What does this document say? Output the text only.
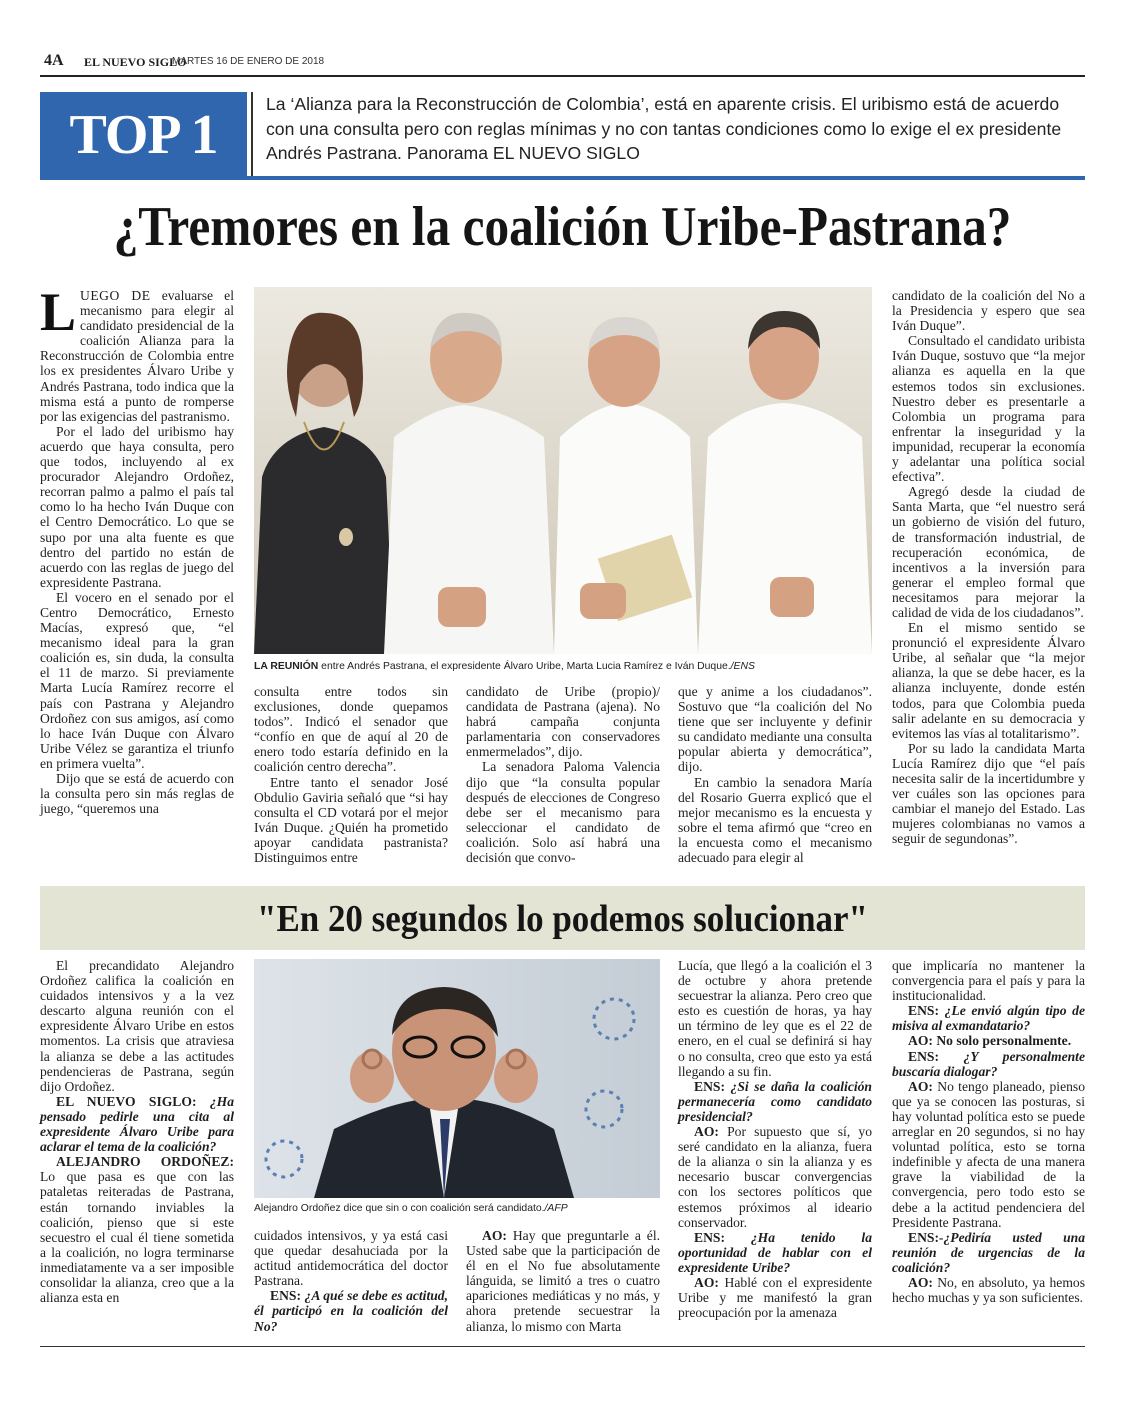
4A EL NUEVO SIGLO
MARTES 16 DE ENERO DE 2018
TOP 1	La ‘Alianza para la Reconstrucción de Colombia’, está en aparente crisis. El uribismo está de acuerdo con una consulta pero con reglas mínimas y no con tantas condiciones como lo exige el ex presidente Andrés Pastrana. Panorama EL NUEVO SIGLO
¿Tremores en la coalición Uribe-Pastrana?

LUEGO DE evaluarse el mecanismo para elegir al candidato presidencial de la coalición Alianza para la Reconstrucción de Colombia entre los ex presidentes Álvaro Uribe y Andrés Pastrana, todo indica que la misma está a punto de romperse por las exigencias del pastranismo.

Por el lado del uribismo hay acuerdo que haya consulta, pero que todos, incluyendo al ex procurador Alejandro Ordoñez, recorran palmo a palmo el país tal como lo ha hecho Iván Duque con el Centro Democrático. Lo que se supo por una alta fuente es que dentro del partido no están de acuerdo con las reglas de juego del expresidente Pastrana.

El vocero en el senado por el Centro Democrático, Ernesto Macías, expresó que, “el mecanismo ideal para la gran coalición es, sin duda, la consulta el 11 de marzo. Si previamente Marta Lucía Ramírez recorre el país con Pastrana y Alejandro Ordoñez con sus amigos, así como lo hace Iván Duque con Álvaro Uribe Vélez se garantiza el triunfo en primera vuelta”.

Dijo que se está de acuerdo con la consulta pero sin más reglas de juego, “queremos una

LA REUNIÓN entre Andrés Pastrana, el expresidente Álvaro Uribe, Marta Lucia Ramírez e Iván Duque./ENS

consulta entre todos sin exclusiones, donde quepamos todos”. Indicó el senador que “confío en que de aquí al 20 de enero todo estaría definido en la coalición centro derecha”.

Entre tanto el senador José Obdulio Gaviria señaló que “si hay consulta el CD votará por el mejor Iván Duque. ¿Quién ha prometido apoyar candidata pastranista? Distinguimos entre

candidato de Uribe (propio)/ candidata de Pastrana (ajena). No habrá campaña conjunta parlamentaria con conservadores enmermelados”, dijo.

La senadora Paloma Valencia dijo que “la consulta popular después de elecciones de Congreso debe ser el mecanismo para seleccionar el candidato de coalición. Solo así habrá una decisión que convo-

que y anime a los ciudadanos”. Sostuvo que “la coalición del No tiene que ser incluyente y definir su candidato mediante una consulta popular abierta y democrática”, dijo.

En cambio la senadora María del Rosario Guerra explicó que el mejor mecanismo es la encuesta y sobre el tema afirmó que “creo en la encuesta como el mecanismo adecuado para elegir al

candidato de la coalición del No a la Presidencia y espero que sea Iván Duque”.

Consultado el candidato uribista Iván Duque, sostuvo que “la mejor alianza es aquella en la que estemos todos sin exclusiones. Nuestro deber es presentarle a Colombia un programa para enfrentar la inseguridad y la impunidad, recuperar la economía y adelantar una política social efectiva”.

Agregó desde la ciudad de Santa Marta, que “el nuestro será un gobierno de visión del futuro, de transformación industrial, de recuperación económica, de incentivos a la inversión para generar el empleo formal que necesitamos para mejorar la calidad de vida de los ciudadanos”.

En el mismo sentido se pronunció el expresidente Álvaro Uribe, al señalar que “la mejor alianza, la que se debe hacer, es la alianza incluyente, donde estén todos, para que Colombia pueda salir adelante en su democracia y evitemos las vías al totalitarismo”.

Por su lado la candidata Marta Lucía Ramírez dijo que “el país necesita salir de la incertidumbre y ver cuáles son las opciones para cambiar el manejo del Estado. Las mujeres colombianas no vamos a seguir de segundonas”.

"En 20 segundos lo podemos solucionar"

El precandidato Alejandro Ordoñez califica la coalición en cuidados intensivos y a la vez descarto alguna reunión con el expresidente Álvaro Uribe en estos momentos. La crisis que atraviesa la alianza se debe a las actitudes pendencieras de Pastrana, según dijo Ordoñez.

EL NUEVO SIGLO: ¿Ha pensado pedirle una cita al expresidente Álvaro Uribe para aclarar el tema de la coalición?

ALEJANDRO ORDOÑEZ: Lo que pasa es que con las pataletas reiteradas de Pastrana, están tornando inviables la coalición, pienso que si este secuestro el cual él tiene sometida a la coalición, no logra terminarse inmediatamente va a ser imposible consolidar la alianza, creo que a la alianza esta en

Alejandro Ordoñez dice que sin o con coalición será candidato./AFP

cuidados intensivos, y ya está casi que quedar desahuciada por la actitud antidemocrática del doctor Pastrana.

ENS: ¿A qué se debe es actitud, él participó en la coalición del No?

AO: Hay que preguntarle a él. Usted sabe que la participación de él en el No fue absolutamente lánguida, se limitó a tres o cuatro apariciones mediáticas y no más, y ahora pretende secuestrar la alianza, lo mismo con Marta

Lucía, que llegó a la coalición el 3 de octubre y ahora pretende secuestrar la alianza. Pero creo que esto es cuestión de horas, ya hay un término de ley que es el 22 de enero, en el cual se definirá si hay o no consulta, creo que esto ya está llegando a su fin.

ENS: ¿Si se daña la coalición permanecería como candidato presidencial?

AO: Por supuesto que sí, yo seré candidato en la alianza, fuera de la alianza o sin la alianza y es necesario buscar convergencias con los sectores políticos que estemos próximos al ideario conservador.

ENS: ¿Ha tenido la oportunidad de hablar con el expresidente Uribe?

AO: Hablé con el expresidente Uribe y me manifestó la gran preocupación por la amenaza

que implicaría no mantener la convergencia para el país y para la institucionalidad.

ENS: ¿Le envió algún tipo de misiva al exmandatario?

AO: No solo personalmente.

ENS: ¿Y personalmente buscaría dialogar?

AO: No tengo planeado, pienso que ya se conocen las posturas, si hay voluntad política esto se puede arreglar en 20 segundos, si no hay voluntad política, esto se torna indefinible y afecta de una manera grave la viabilidad de la convergencia, pero todo esto se debe a la actitud pendenciera del Presidente Pastrana.

ENS:-¿Pediría usted una reunión de urgencias de la coalición?

AO: No, en absoluto, ya hemos hecho muchas y ya son suficientes.
